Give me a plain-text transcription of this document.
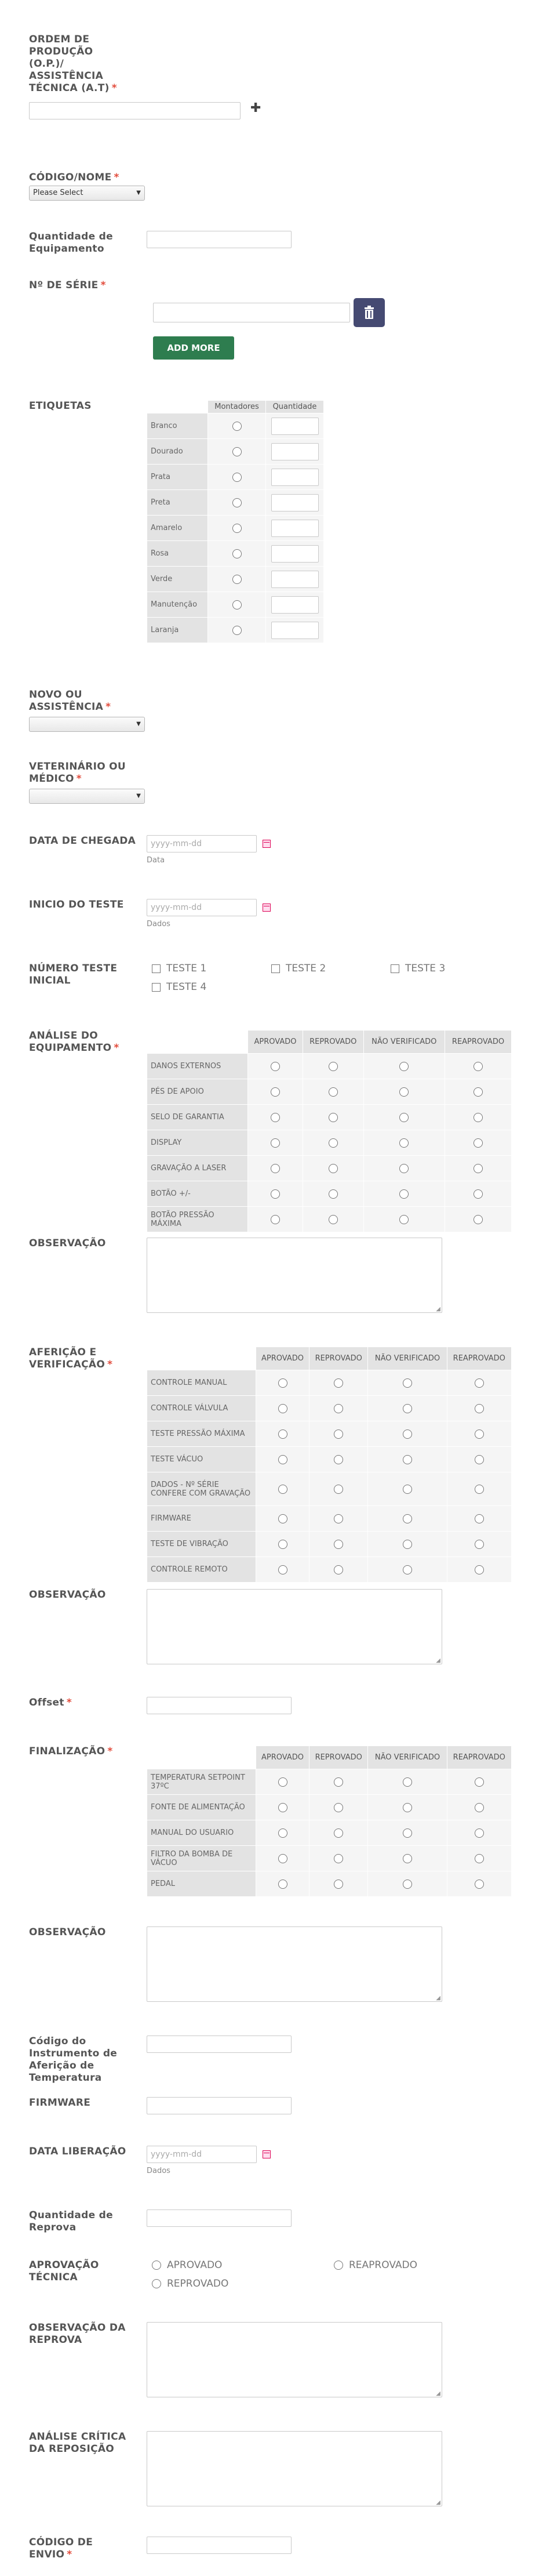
ORDEM DE PRODUÇÃO (O.P.)/ ASSISTÊNCIA TÉCNICA (A.T) *
✚
CÓDIGO/NOME *
Please Select	▼
Quantidade de Equipamento
Nº DE SÉRIE *
ADD MORE
ETIQUETAS
		Montadores	Quantidade
Branco		

Dourado		

Prata		

Preta		

Amarelo		

Rosa		

Verde		

Manutenção		

Laranja		
NOVO OU ASSISTÊNCIA *
▼
VETERINÁRIO OU MÉDICO *
▼
DATA DE CHEGADA	yyyy-mm-dd
Data
INICIO DO TESTE	yyyy-mm-dd
Dados
NÚMERO TESTE INICIAL
TESTE 1	TESTE 2	TESTE 3
TESTE 4
ANÁLISE DO EQUIPAMENTO *
	APROVADO	REPROVADO	NÃO VERIFICADO	REAPROVADO
DANOS EXTERNOS				
PÉS DE APOIO				
SELO DE GARANTIA				
DISPLAY				
GRAVAÇÃO A LASER				
BOTÃO +/-				
BOTÃO PRESSÃO MÁXIMA				
OBSERVAÇÃO
◢
AFERIÇÃO E VERIFICAÇÃO *
	APROVADO	REPROVADO	NÃO VERIFICADO	REAPROVADO
CONTROLE MANUAL				
CONTROLE VÁLVULA				
TESTE PRESSÃO MÁXIMA				
TESTE VÁCUO				
DADOS - Nº SÉRIE CONFERE COM GRAVAÇÃO				
FIRMWARE				
TESTE DE VIBRAÇÃO				
CONTROLE REMOTO				
OBSERVAÇÃO
◢
Offset *
FINALIZAÇÃO *
	APROVADO	REPROVADO	NÃO VERIFICADO	REAPROVADO
TEMPERATURA SETPOINT 37ºC				
FONTE DE ALIMENTAÇÃO				
MANUAL DO USUARIO				
FILTRO DA BOMBA DE VÁCUO				
PEDAL				
OBSERVAÇÃO
◢
Código do Instrumento de Aferição de Temperatura
FIRMWARE
DATA LIBERAÇÃO	yyyy-mm-dd
Dados
Quantidade de Reprova
APROVAÇÃO TÉCNICA
APROVADO	REAPROVADO
REPROVADO
OBSERVAÇÃO DA REPROVA
◢
ANÁLISE CRÍTICA DA REPOSIÇÃO
◢
CÓDIGO DE ENVIO *
